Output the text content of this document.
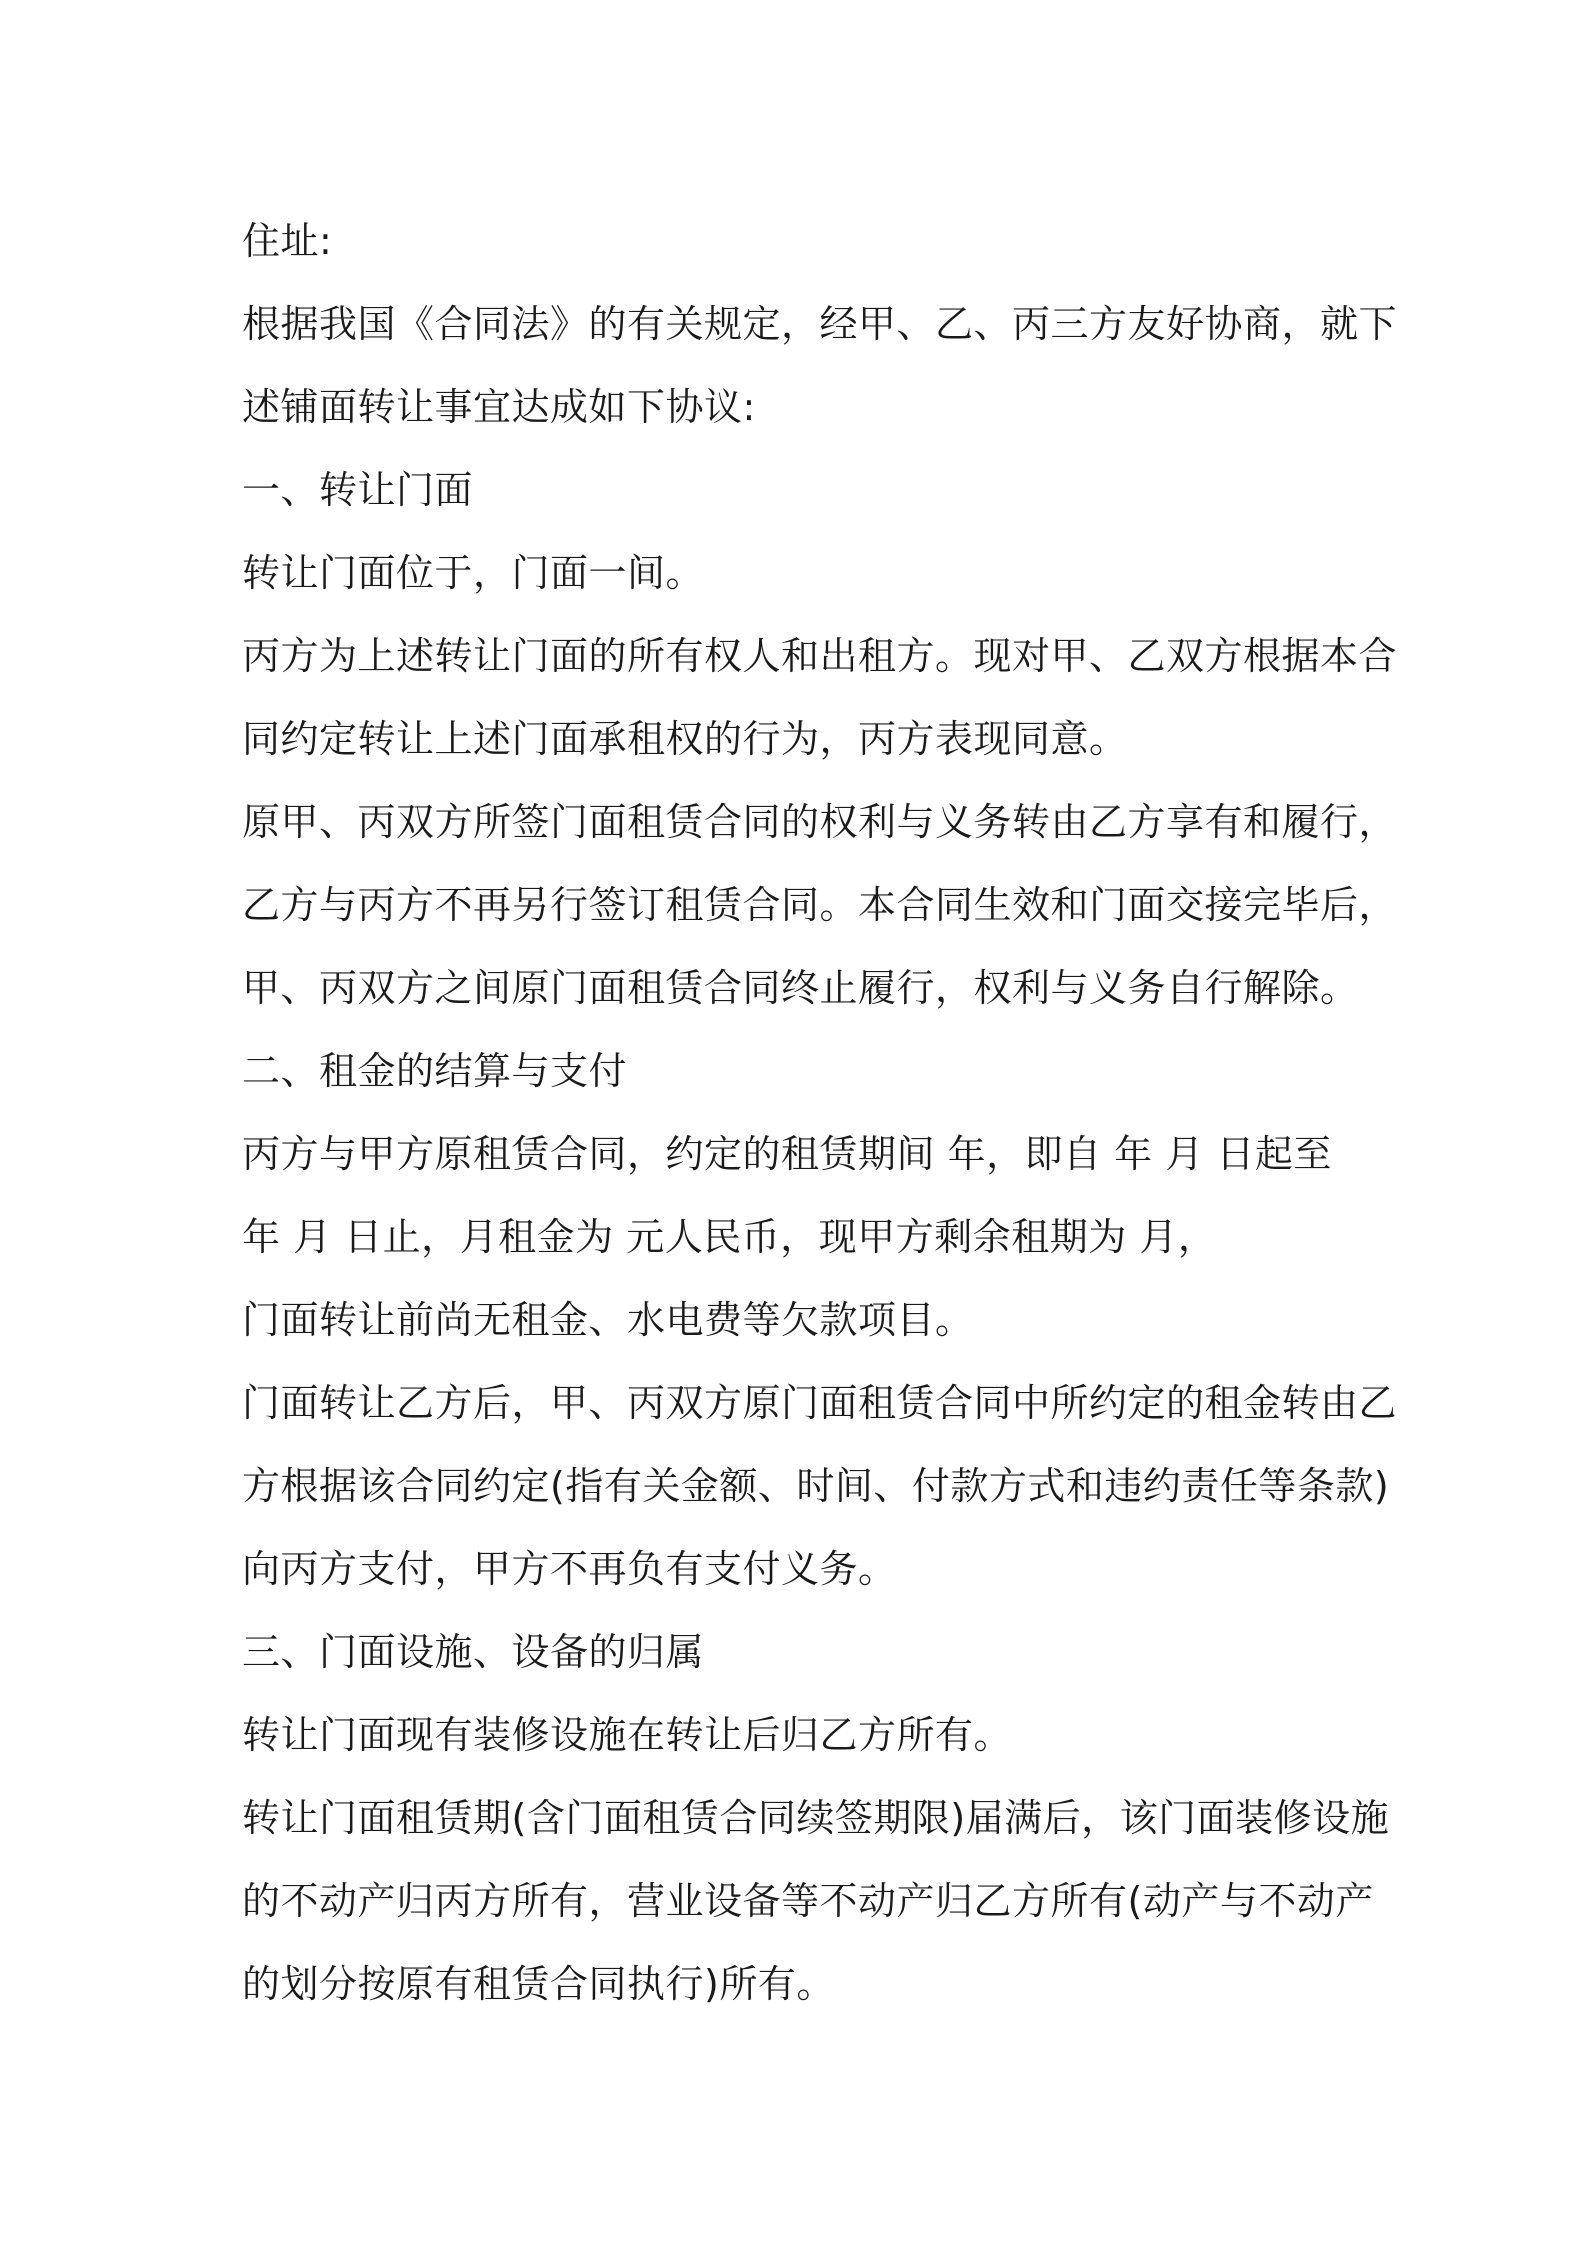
住址:
根据我国《合同法》的有关规定，经甲、乙、丙三方友好协商，就下
述铺面转让事宜达成如下协议:
一、转让门面
转让门面位于，门面一间。
丙方为上述转让门面的所有权人和出租方。现对甲、乙双方根据本合
同约定转让上述门面承租权的行为，丙方表现同意。
原甲、丙双方所签门面租赁合同的权利与义务转由乙方享有和履行，
乙方与丙方不再另行签订租赁合同。本合同生效和门面交接完毕后，
甲、丙双方之间原门面租赁合同终止履行，权利与义务自行解除。
二、租金的结算与支付
丙方与甲方原租赁合同，约定的租赁期间 年，即自 年 月 日起至
年 月 日止，月租金为 元人民币，现甲方剩余租期为 月，
门面转让前尚无租金、水电费等欠款项目。
门面转让乙方后，甲、丙双方原门面租赁合同中所约定的租金转由乙
方根据该合同约定(指有关金额、时间、付款方式和违约责任等条款)
向丙方支付，甲方不再负有支付义务。
三、门面设施、设备的归属
转让门面现有装修设施在转让后归乙方所有。
转让门面租赁期(含门面租赁合同续签期限)届满后，该门面装修设施
的不动产归丙方所有，营业设备等不动产归乙方所有(动产与不动产
的划分按原有租赁合同执行)所有。
